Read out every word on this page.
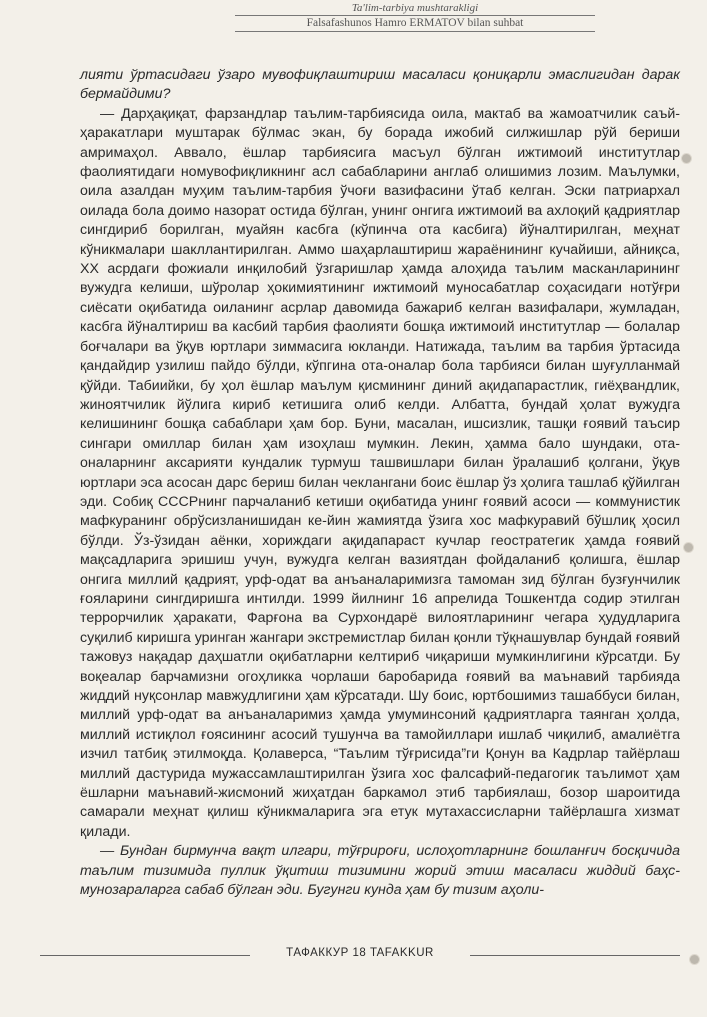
Ta'lim-tarbiya mushtarakligi
Falsafashunos Hamro ERMATOV bilan suhbat

лияти ўртасидаги ўзаро мувофиқлаштириш масаласи қониқарли эмаслигидан дарак бермайдими?

— Дарҳақиқат, фарзандлар таълим-тарбиясида оила, мактаб ва жамоатчилик саъй-ҳаракатлари муштарак бўлмас экан, бу борада ижобий силжишлар рўй бериши амримаҳол. Аввало, ёшлар тарбиясига масъул бўлган ижтимоий институтлар фаолиятидаги номувофиқликнинг асл сабабларини англаб олишимиз лозим. Маълумки, оила азалдан муҳим таълим-тарбия ўчоғи вазифасини ўтаб келган. Эски патриархал оилада бола доимо назорат остида бўлган, унинг онгига ижтимоий ва ахлоқий қадриятлар сингдириб борилган, муайян касбга (кўпинча ота касбига) йўналтирилган, меҳнат кўникмалари шакллантирилган. Аммо шаҳарлаштириш жараёнининг кучайиши, айниқса, XX асрдаги фожиали инқилобий ўзгаришлар ҳамда алоҳида таълим масканларининг вужудга келиши, шўролар ҳокимиятининг ижтимоий муносабатлар соҳасидаги нотўғри сиёсати оқибатида оиланинг асрлар давомида бажариб келган вазифалари, жумладан, касбга йўналтириш ва касбий тарбия фаолияти бошқа ижтимоий институтлар — болалар боғчалари ва ўқув юртлари зиммасига юкланди. Натижада, таълим ва тарбия ўртасида қандайдир узилиш пайдо бўлди, кўпгина ота-оналар бола тарбияси билан шуғулланмай қўйди. Табиийки, бу ҳол ёшлар маълум қисмининг диний ақидапарастлик, гиёҳвандлик, жиноятчилик йўлига кириб кетишига олиб келди. Албатта, бундай ҳолат вужудга келишининг бошқа сабаблари ҳам бор. Буни, масалан, ишсизлик, ташқи ғоявий таъсир сингари омиллар билан ҳам изоҳлаш мумкин. Лекин, ҳамма бало шундаки, ота-оналарнинг аксарияти кундалик турмуш ташвишлари билан ўралашиб қолгани, ўқув юртлари эса асосан дарс бериш билан чеклангани боис ёшлар ўз ҳолига ташлаб қўйилган эди. Собиқ СССРнинг парчаланиб кетиши оқибатида унинг ғоявий асоси — коммунистик мафкуранинг обрўсизланишидан ке-йин жамиятда ўзига хос мафкуравий бўшлиқ ҳосил бўлди. Ўз-ўзидан аёнки, хориждаги ақидапараст кучлар геостратегик ҳамда ғоявий мақсадларига эришиш учун, вужудга келган вазиятдан фойдаланиб қолишга, ёшлар онгига миллий қадрият, урф-одат ва анъаналаримизга тамоман зид бўлган бузғунчилик ғояларини сингдиришга интилди. 1999 йилнинг 16 апрелида Тошкентда содир этилган террорчилик ҳаракати, Фарғона ва Сурхондарё вилоятларининг чегара ҳудудларига суқилиб киришга уринган жангари экстремистлар билан қонли тўқнашувлар бундай ғоявий тажовуз нақадар даҳшатли оқибатларни келтириб чиқариши мумкинлигини кўрсатди. Бу воқеалар барчамизни огоҳликка чорлаши баробарида ғоявий ва маънавий тарбияда жиддий нуқсонлар мавжудлигини ҳам кўрсатади. Шу боис, юртбошимиз ташаббуси билан, миллий урф-одат ва анъаналаримиз ҳамда умуминсоний қадриятларга таянган ҳолда, миллий истиқлол ғоясининг асосий тушунча ва тамойиллари ишлаб чиқилиб, амалиётга изчил татбиқ этилмоқда. Қолаверса, “Таълим тўғрисида”ги Қонун ва Кадрлар тайёрлаш миллий дастурида мужассамлаштирилган ўзига хос фалсафий-педагогик таълимот ҳам ёшларни маънавий-жисмоний жиҳатдан баркамол этиб тарбиялаш, бозор шароитида самарали меҳнат қилиш кўникмаларига эга етук мутахассисларни тайёрлашга хизмат қилади.

— Бундан бирмунча вақт илгари, тўғрироғи, ислоҳотларнинг бошланғич босқичида таълим тизимида пуллик ўқитиш тизимини жорий этиш масаласи жиддий баҳс-мунозараларга сабаб бўлган эди. Бугунги кунда ҳам бу тизим аҳоли-

ТАФАККУР 18 TAFAKKUR
